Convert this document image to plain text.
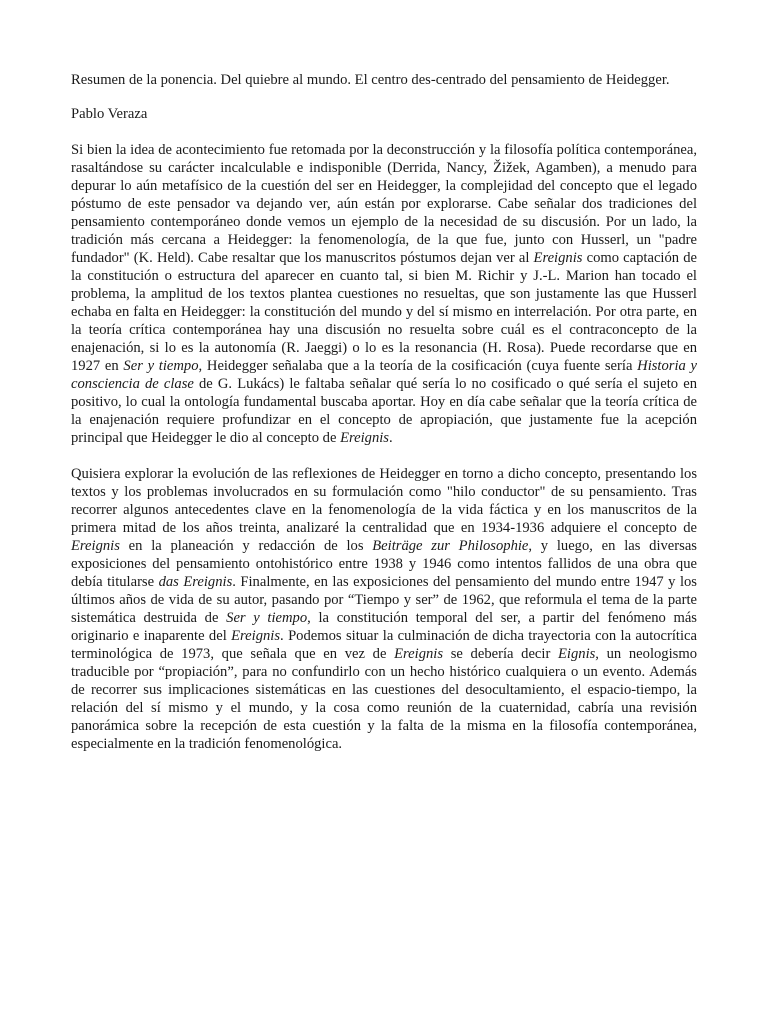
Resumen de la ponencia. Del quiebre al mundo. El centro des-centrado del pensamiento de Heidegger.

Pablo Veraza

Si bien la idea de acontecimiento fue retomada por la deconstrucción y la filosofía política contemporánea, rasaltándose su carácter incalculable e indisponible (Derrida, Nancy, Žižek, Agamben), a menudo para depurar lo aún metafísico de la cuestión del ser en Heidegger, la complejidad del concepto que el legado póstumo de este pensador va dejando ver, aún están por explorarse. Cabe señalar dos tradiciones del pensamiento contemporáneo donde vemos un ejemplo de la necesidad de su discusión. Por un lado, la tradición más cercana a Heidegger: la fenomenología, de la que fue, junto con Husserl, un "padre fundador" (K. Held). Cabe resaltar que los manuscritos póstumos dejan ver al Ereignis como captación de la constitución o estructura del aparecer en cuanto tal, si bien M. Richir y J.-L. Marion han tocado el problema, la amplitud de los textos plantea cuestiones no resueltas, que son justamente las que Husserl echaba en falta en Heidegger: la constitución del mundo y del sí mismo en interrelación. Por otra parte, en la teoría crítica contemporánea hay una discusión no resuelta sobre cuál es el contraconcepto de la enajenación, si lo es la autonomía (R. Jaeggi) o lo es la resonancia (H. Rosa). Puede recordarse que en 1927 en Ser y tiempo, Heidegger señalaba que a la teoría de la cosificación (cuya fuente sería Historia y consciencia de clase de G. Lukács) le faltaba señalar qué sería lo no cosificado o qué sería el sujeto en positivo, lo cual la ontología fundamental buscaba aportar. Hoy en día cabe señalar que la teoría crítica de la enajenación requiere profundizar en el concepto de apropiación, que justamente fue la acepción principal que Heidegger le dio al concepto de Ereignis.

Quisiera explorar la evolución de las reflexiones de Heidegger en torno a dicho concepto, presentando los textos y los problemas involucrados en su formulación como "hilo conductor" de su pensamiento. Tras recorrer algunos antecedentes clave en la fenomenología de la vida fáctica y en los manuscritos de la primera mitad de los años treinta, analizaré la centralidad que en 1934-1936 adquiere el concepto de Ereignis en la planeación y redacción de los Beiträge zur Philosophie, y luego, en las diversas exposiciones del pensamiento ontohistórico entre 1938 y 1946 como intentos fallidos de una obra que debía titularse das Ereignis. Finalmente, en las exposiciones del pensamiento del mundo entre 1947 y los últimos años de vida de su autor, pasando por “Tiempo y ser” de 1962, que reformula el tema de la parte sistemática destruida de Ser y tiempo, la constitución temporal del ser, a partir del fenómeno más originario e inaparente del Ereignis. Podemos situar la culminación de dicha trayectoria con la autocrítica terminológica de 1973, que señala que en vez de Ereignis se debería decir Eignis, un neologismo traducible por “propiación”, para no confundirlo con un hecho histórico cualquiera o un evento. Además de recorrer sus implicaciones sistemáticas en las cuestiones del desocultamiento, el espacio-tiempo, la relación del sí mismo y el mundo, y la cosa como reunión de la cuaternidad, cabría una revisión panorámica sobre la recepción de esta cuestión y la falta de la misma en la filosofía contemporánea, especialmente en la tradición fenomenológica.
